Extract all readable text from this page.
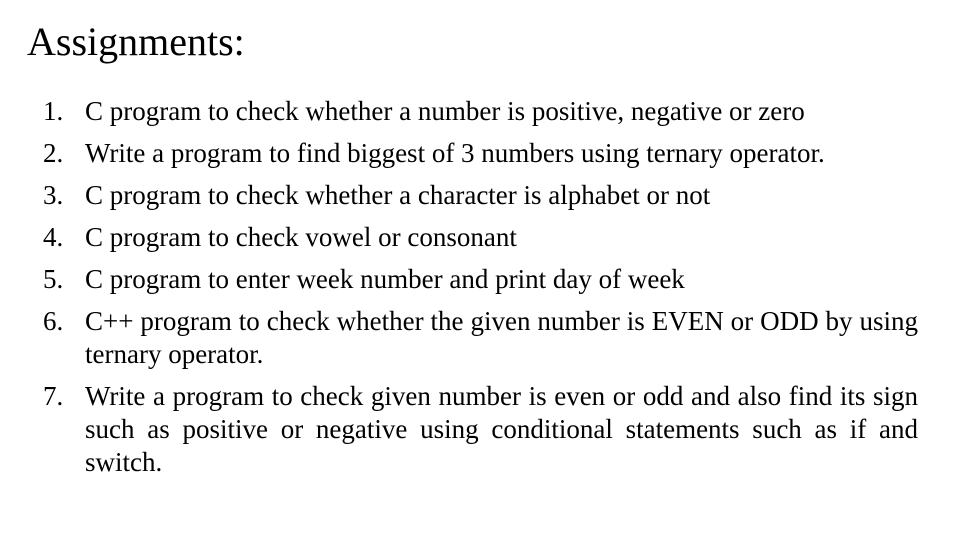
Assignments:
1 .	C program to check whether a number is positive, negative or zero
2 .	Write a program to find biggest of 3 numbers using ternary operator.
3 .	C program to check whether a character is alphabet or not
4 .	C program to check vowel or consonant
5 .	C program to enter week number and print day of week
6 .	C++ program to check whether the given number is EVEN or ODD by using ternary operator.
7 .	Write a program to check given number is even or odd and also find its sign such as positive or negative using conditional statements such as if and switch.
